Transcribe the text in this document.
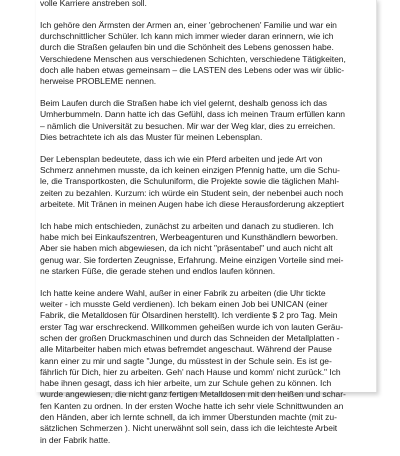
volle Karriere anstreben soll.
Ich gehöre den Ärmsten der Armen an, einer 'gebrochenen' Familie und war ein
durchschnittlicher Schüler. Ich kann mich immer wieder daran erinnern, wie ich
durch die Straßen gelaufen bin und die Schönheit des Lebens genossen habe.
Verschiedene Menschen aus verschiedenen Schichten, verschiedene Tätigkeiten,
doch alle haben etwas gemeinsam – die LASTEN des Lebens oder was wir üblic-
herweise PROBLEME nennen.
Beim Laufen durch die Straßen habe ich viel gelernt, deshalb genoss ich das
Umherbummeln. Dann hatte ich das Gefühl, dass ich meinen Traum erfüllen kann
– nämlich die Universität zu besuchen. Mir war der Weg klar, dies zu erreichen.
Dies betrachtete ich als das Muster für meinen Lebensplan.
Der Lebensplan bedeutete, dass ich wie ein Pferd arbeiten und jede Art von
Schmerz annehmen musste, da ich keinen einzigen Pfennig hatte, um die Schu-
le, die Transportkosten, die Schuluniform, die Projekte sowie die täglichen Mahl-
zeiten zu bezahlen. Kurzum: ich würde ein Student sein, der nebenbei auch noch
arbeitete. Mit Tränen in meinen Augen habe ich diese Herausforderung akzeptiert
Ich habe mich entschieden, zunächst zu arbeiten und danach zu studieren. Ich
habe mich bei Einkaufszentren, Werbeagenturen und Kunsthändlern beworben.
Aber sie haben mich abgewiesen, da ich nicht "präsentabel" und auch nicht alt
genug war. Sie forderten Zeugnisse, Erfahrung. Meine einzigen Vorteile sind mei-
ne starken Füße, die gerade stehen und endlos laufen können.
Ich hatte keine andere Wahl, außer in einer Fabrik zu arbeiten (die Uhr tickte
weiter - ich musste Geld verdienen). Ich bekam einen Job bei UNICAN (einer
Fabrik, die Metalldosen für Ölsardinen herstellt). Ich verdiente $ 2 pro Tag. Mein
erster Tag war erschreckend. Willkommen geheißen wurde ich von lauten Geräu-
schen der großen Druckmaschinen und durch das Schneiden der Metallplatten -
alle Mitarbeiter haben mich etwas befremdet angeschaut. Während der Pause
kann einer zu mir und sagte "Junge, du müsstest in der Schule sein. Es ist ge-
fährlich für Dich, hier zu arbeiten. Geh' nach Hause und komm' nicht zurück." Ich
habe ihnen gesagt, dass ich hier arbeite, um zur Schule gehen zu können. Ich
wurde angewiesen, die nicht ganz fertigen Metalldosen mit den heißen und schar-
fen Kanten zu ordnen. In der ersten Woche hatte ich sehr viele Schnittwunden an
den Händen, aber ich lernte schnell, da ich immer Überstunden machte (mit zu-
sätzlichen Schmerzen ). Nicht unerwähnt soll sein, dass ich die leichteste Arbeit
in der Fabrik hatte.
